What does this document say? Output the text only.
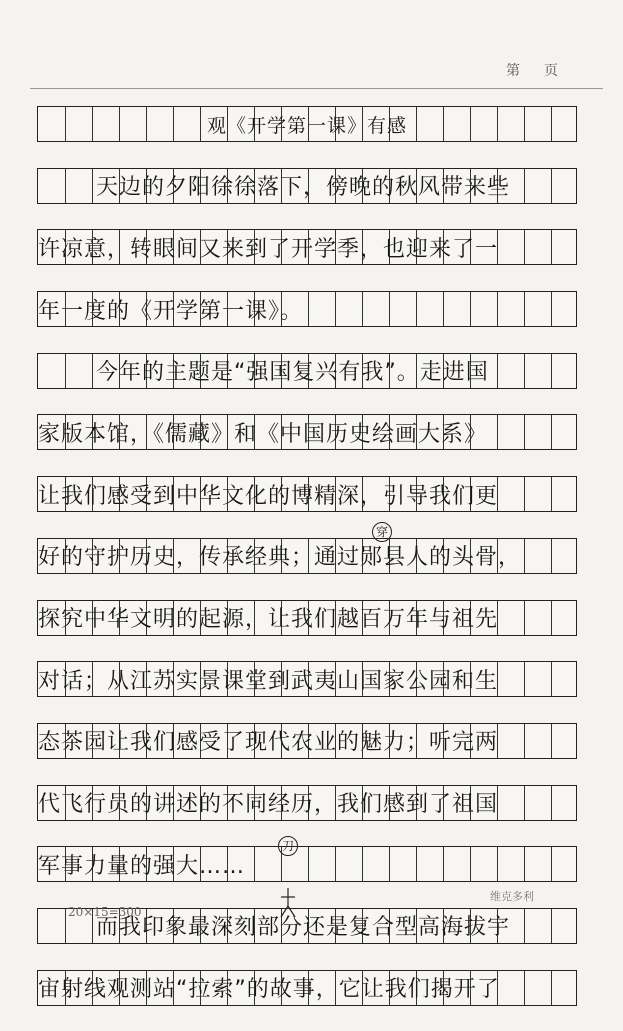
第 页
观《开学第一课》有感
天边的夕阳徐徐落下，傍晚的秋风带来些
许凉意，转眼间又来到了开学季，也迎来了一
年一度的《开学第一课》。
今年的主题是“强国复兴有我”。走进国
家版本馆，《儒藏》和《中国历史绘画大系》
让我们感受到中华文化的博精深，引导我们更
好的守护历史，传承经典；通过郧县人的头骨，
探究中华文明的起源，让我们越百万年与祖先
对话；从江苏实景课堂到武夷山国家公园和生
态茶园让我们感受了现代农业的魅力；听完两
代飞行员的讲述的不同经历，我们感到了祖国
军事力量的强大……
而我印象最深刻部分还是复合型高海拔宇
宙射线观测站“拉索”的故事，它让我们揭开了
穿
刀
20×15=300
维克多利
